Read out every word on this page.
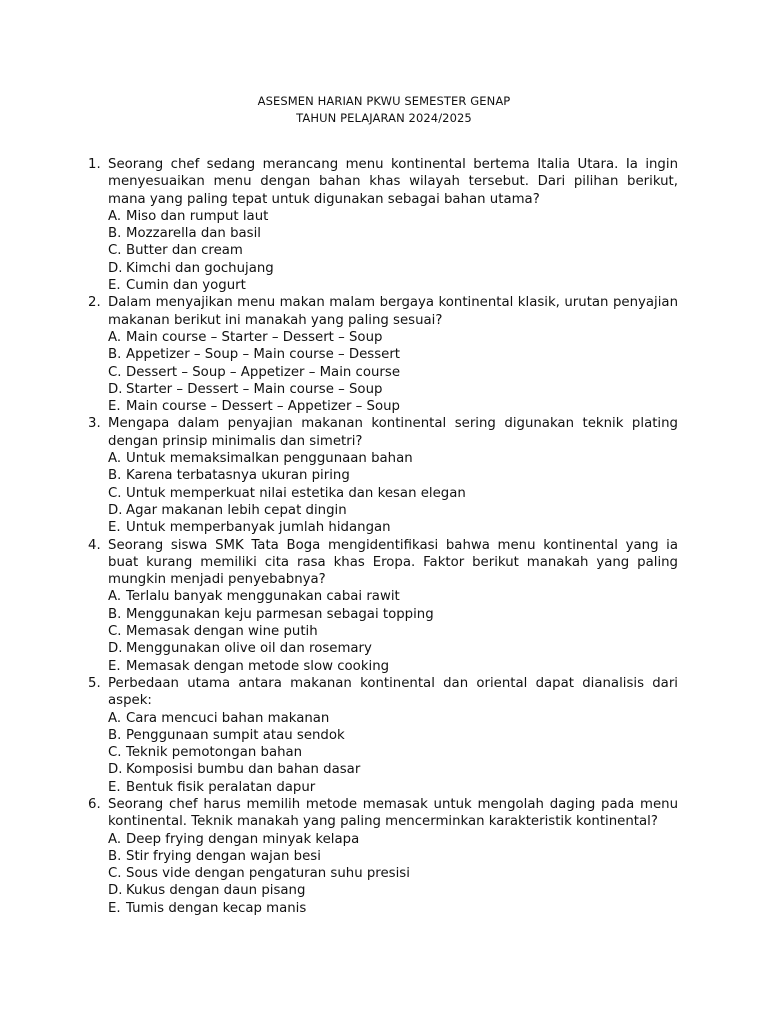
ASESMEN HARIAN PKWU SEMESTER GENAP
TAHUN PELAJARAN 2024/2025
1. Seorang chef sedang merancang menu kontinental bertema Italia Utara. Ia ingin menyesuaikan menu dengan bahan khas wilayah tersebut. Dari pilihan berikut, mana yang paling tepat untuk digunakan sebagai bahan utama?
A. Miso dan rumput laut
B. Mozzarella dan basil
C. Butter dan cream
D. Kimchi dan gochujang
E. Cumin dan yogurt
2. Dalam menyajikan menu makan malam bergaya kontinental klasik, urutan penyajian makanan berikut ini manakah yang paling sesuai?
A. Main course – Starter – Dessert – Soup
B. Appetizer – Soup – Main course – Dessert
C. Dessert – Soup – Appetizer – Main course
D. Starter – Dessert – Main course – Soup
E. Main course – Dessert – Appetizer – Soup
3. Mengapa dalam penyajian makanan kontinental sering digunakan teknik plating dengan prinsip minimalis dan simetri?
A. Untuk memaksimalkan penggunaan bahan
B. Karena terbatasnya ukuran piring
C. Untuk memperkuat nilai estetika dan kesan elegan
D. Agar makanan lebih cepat dingin
E. Untuk memperbanyak jumlah hidangan
4. Seorang siswa SMK Tata Boga mengidentifikasi bahwa menu kontinental yang ia buat kurang memiliki cita rasa khas Eropa. Faktor berikut manakah yang paling mungkin menjadi penyebabnya?
A. Terlalu banyak menggunakan cabai rawit
B. Menggunakan keju parmesan sebagai topping
C. Memasak dengan wine putih
D. Menggunakan olive oil dan rosemary
E. Memasak dengan metode slow cooking
5. Perbedaan utama antara makanan kontinental dan oriental dapat dianalisis dari aspek:
A. Cara mencuci bahan makanan
B. Penggunaan sumpit atau sendok
C. Teknik pemotongan bahan
D. Komposisi bumbu dan bahan dasar
E. Bentuk fisik peralatan dapur
6. Seorang chef harus memilih metode memasak untuk mengolah daging pada menu kontinental. Teknik manakah yang paling mencerminkan karakteristik kontinental?
A. Deep frying dengan minyak kelapa
B. Stir frying dengan wajan besi
C. Sous vide dengan pengaturan suhu presisi
D. Kukus dengan daun pisang
E. Tumis dengan kecap manis
